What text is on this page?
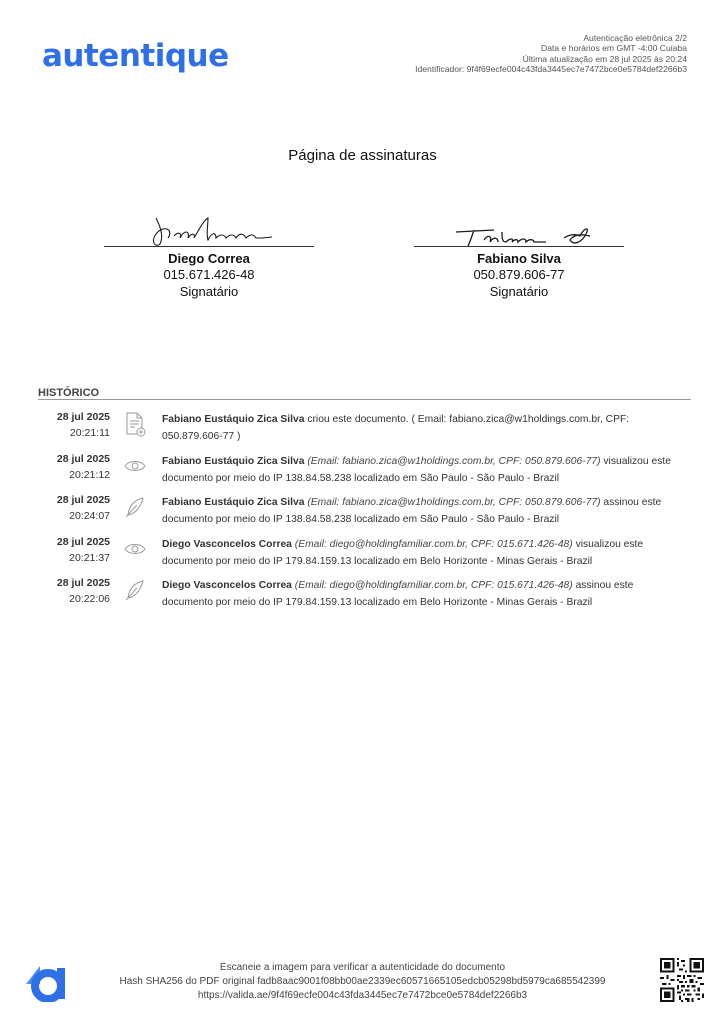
autentique	Autenticação eletrônica 2/2
Data e horários em GMT -4:00 Cuiaba
Última atualização em 28 jul 2025 às 20:24
Identificador: 9f4f69ecfe004c43fda3445ec7e7472bce0e5784def2266b3
Página de assinaturas
Diego Correa
015.671.426-48
Signatário
Fabiano Silva
050.879.606-77
Signatário
HISTÓRICO
28 jul 2025
20:21:11
Fabiano Eustáquio Zica Silva criou este documento. ( Email: fabiano.zica@w1holdings.com.br, CPF: 050.879.606-77 )
28 jul 2025
20:21:12
Fabiano Eustáquio Zica Silva (Email: fabiano.zica@w1holdings.com.br, CPF: 050.879.606-77) visualizou este documento por meio do IP 138.84.58.238 localizado em São Paulo - São Paulo - Brazil
28 jul 2025
20:24:07
Fabiano Eustáquio Zica Silva (Email: fabiano.zica@w1holdings.com.br, CPF: 050.879.606-77) assinou este documento por meio do IP 138.84.58.238 localizado em São Paulo - São Paulo - Brazil
28 jul 2025
20:21:37
Diego Vasconcelos Correa (Email: diego@holdingfamiliar.com.br, CPF: 015.671.426-48) visualizou este documento por meio do IP 179.84.159.13 localizado em Belo Horizonte - Minas Gerais - Brazil
28 jul 2025
20:22:06
Diego Vasconcelos Correa (Email: diego@holdingfamiliar.com.br, CPF: 015.671.426-48) assinou este documento por meio do IP 179.84.159.13 localizado em Belo Horizonte - Minas Gerais - Brazil
Escaneie a imagem para verificar a autenticidade do documento
Hash SHA256 do PDF original fadb8aac9001f08bb00ae2339ec60571665105edcb05298bd5979ca685542399
https://valida.ae/9f4f69ecfe004c43fda3445ec7e7472bce0e5784def2266b3
